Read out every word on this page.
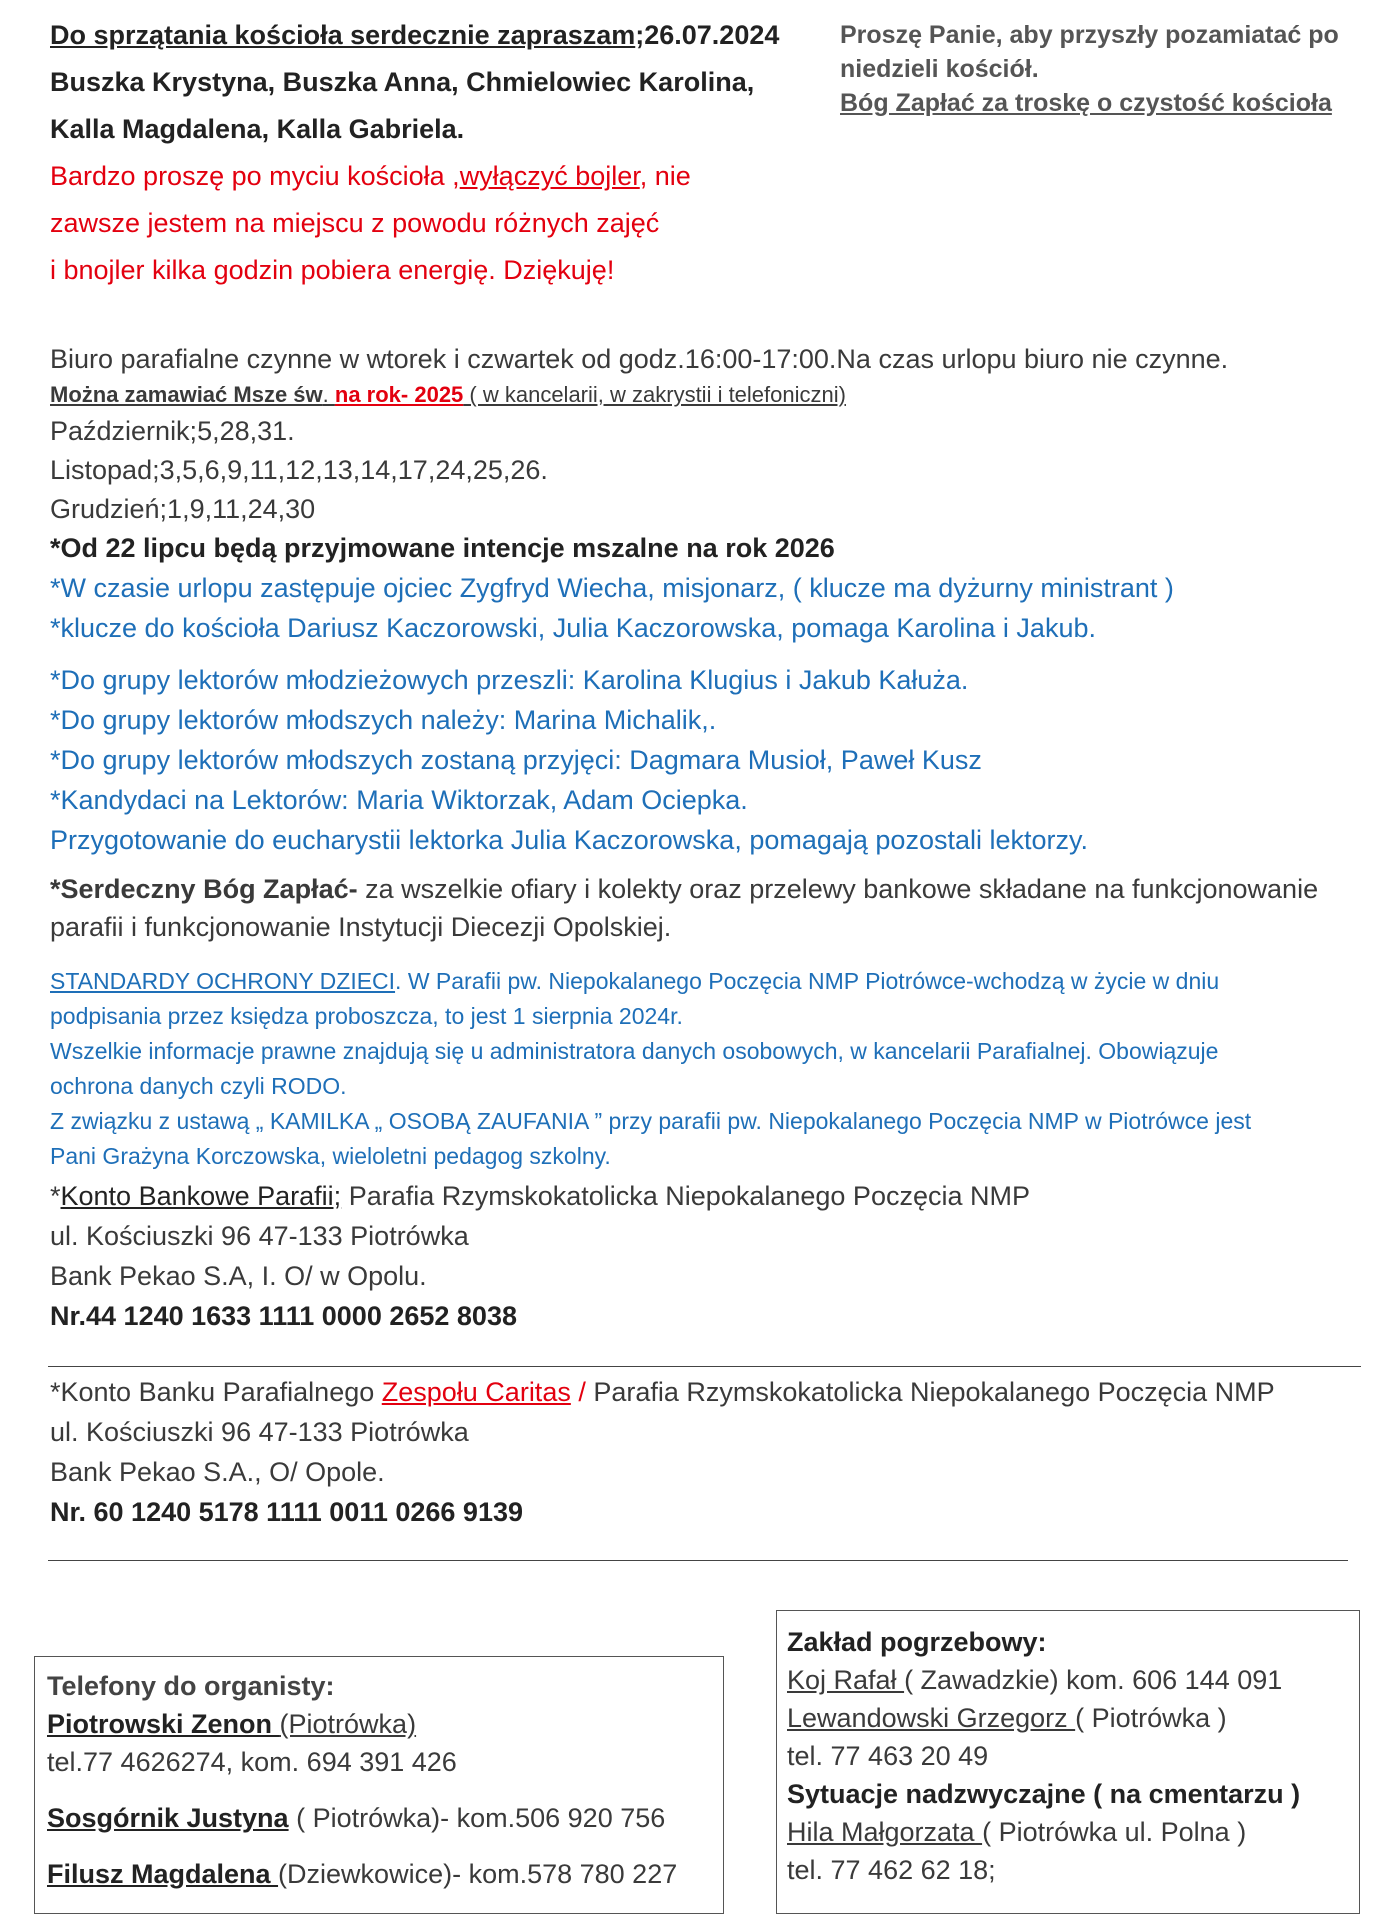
Do sprzątania kościoła serdecznie zapraszam;26.07.2024
Buszka Krystyna, Buszka Anna, Chmielowiec Karolina,
Kalla Magdalena, Kalla Gabriela.
Bardzo proszę po myciu kościoła ,wyłączyć bojler, nie
zawsze jestem na miejscu z powodu różnych zajęć
i bnojler kilka godzin pobiera energię. Dziękuję!
Proszę Panie, aby przyszły pozamiatać po
niedzieli kościół.
Bóg Zapłać za troskę o czystość kościoła
Biuro parafialne czynne w wtorek i czwartek od godz.16:00-17:00.Na czas urlopu biuro nie czynne.
Można zamawiać Msze św. na rok- 2025 ( w kancelarii, w zakrystii i telefoniczni)
Październik;5,28,31.
Listopad;3,5,6,9,11,12,13,14,17,24,25,26.
Grudzień;1,9,11,24,30
*Od 22 lipcu będą przyjmowane intencje mszalne na rok 2026
*W czasie urlopu zastępuje ojciec Zygfryd Wiecha, misjonarz, ( klucze ma dyżurny ministrant )
*klucze do kościoła Dariusz Kaczorowski, Julia Kaczorowska, pomaga Karolina i Jakub.
*Do grupy lektorów młodzieżowych przeszli: Karolina Klugius i Jakub Kałuża.
*Do grupy lektorów młodszych należy: Marina Michalik,.
*Do grupy lektorów młodszych zostaną przyjęci: Dagmara Musioł, Paweł Kusz
*Kandydaci na Lektorów: Maria Wiktorzak, Adam Ociepka.
Przygotowanie do eucharystii lektorka Julia Kaczorowska, pomagają pozostali lektorzy.
*Serdeczny Bóg Zapłać- za wszelkie ofiary i kolekty oraz przelewy bankowe składane na funkcjonowanie
parafii i funkcjonowanie Instytucji Diecezji Opolskiej.
STANDARDY OCHRONY DZIECI. W Parafii pw. Niepokalanego Poczęcia NMP Piotrówce-wchodzą w życie w dniu
podpisania przez księdza proboszcza, to jest 1 sierpnia 2024r.
Wszelkie informacje prawne znajdują się u administratora danych osobowych, w kancelarii Parafialnej. Obowiązuje
ochrona danych czyli RODO.
Z związku z ustawą „ KAMILKA „ OSOBĄ ZAUFANIA ” przy parafii pw. Niepokalanego Poczęcia NMP w Piotrówce jest
Pani Grażyna Korczowska, wieloletni pedagog szkolny.
*Konto Bankowe Parafii; Parafia Rzymskokatolicka Niepokalanego Poczęcia NMP
ul. Kościuszki 96 47-133 Piotrówka
Bank Pekao S.A, I. O/ w Opolu.
Nr.44 1240 1633 1111 0000 2652 8038
*Konto Banku Parafialnego Zespołu Caritas / Parafia Rzymskokatolicka Niepokalanego Poczęcia NMP
ul. Kościuszki 96 47-133 Piotrówka
Bank Pekao S.A., O/ Opole.
Nr. 60 1240 5178 1111 0011 0266 9139
Telefony do organisty:
Piotrowski Zenon (Piotrówka)
tel.77 4626274, kom. 694 391 426
Sosgórnik Justyna ( Piotrówka)- kom.506 920 756
Filusz Magdalena (Dziewkowice)- kom.578 780 227
Zakład pogrzebowy:
Koj Rafał ( Zawadzkie) kom. 606 144 091
Lewandowski Grzegorz ( Piotrówka )
tel. 77 463 20 49
Sytuacje nadzwyczajne ( na cmentarzu )
Hila Małgorzata ( Piotrówka ul. Polna )
tel. 77 462 62 18;
